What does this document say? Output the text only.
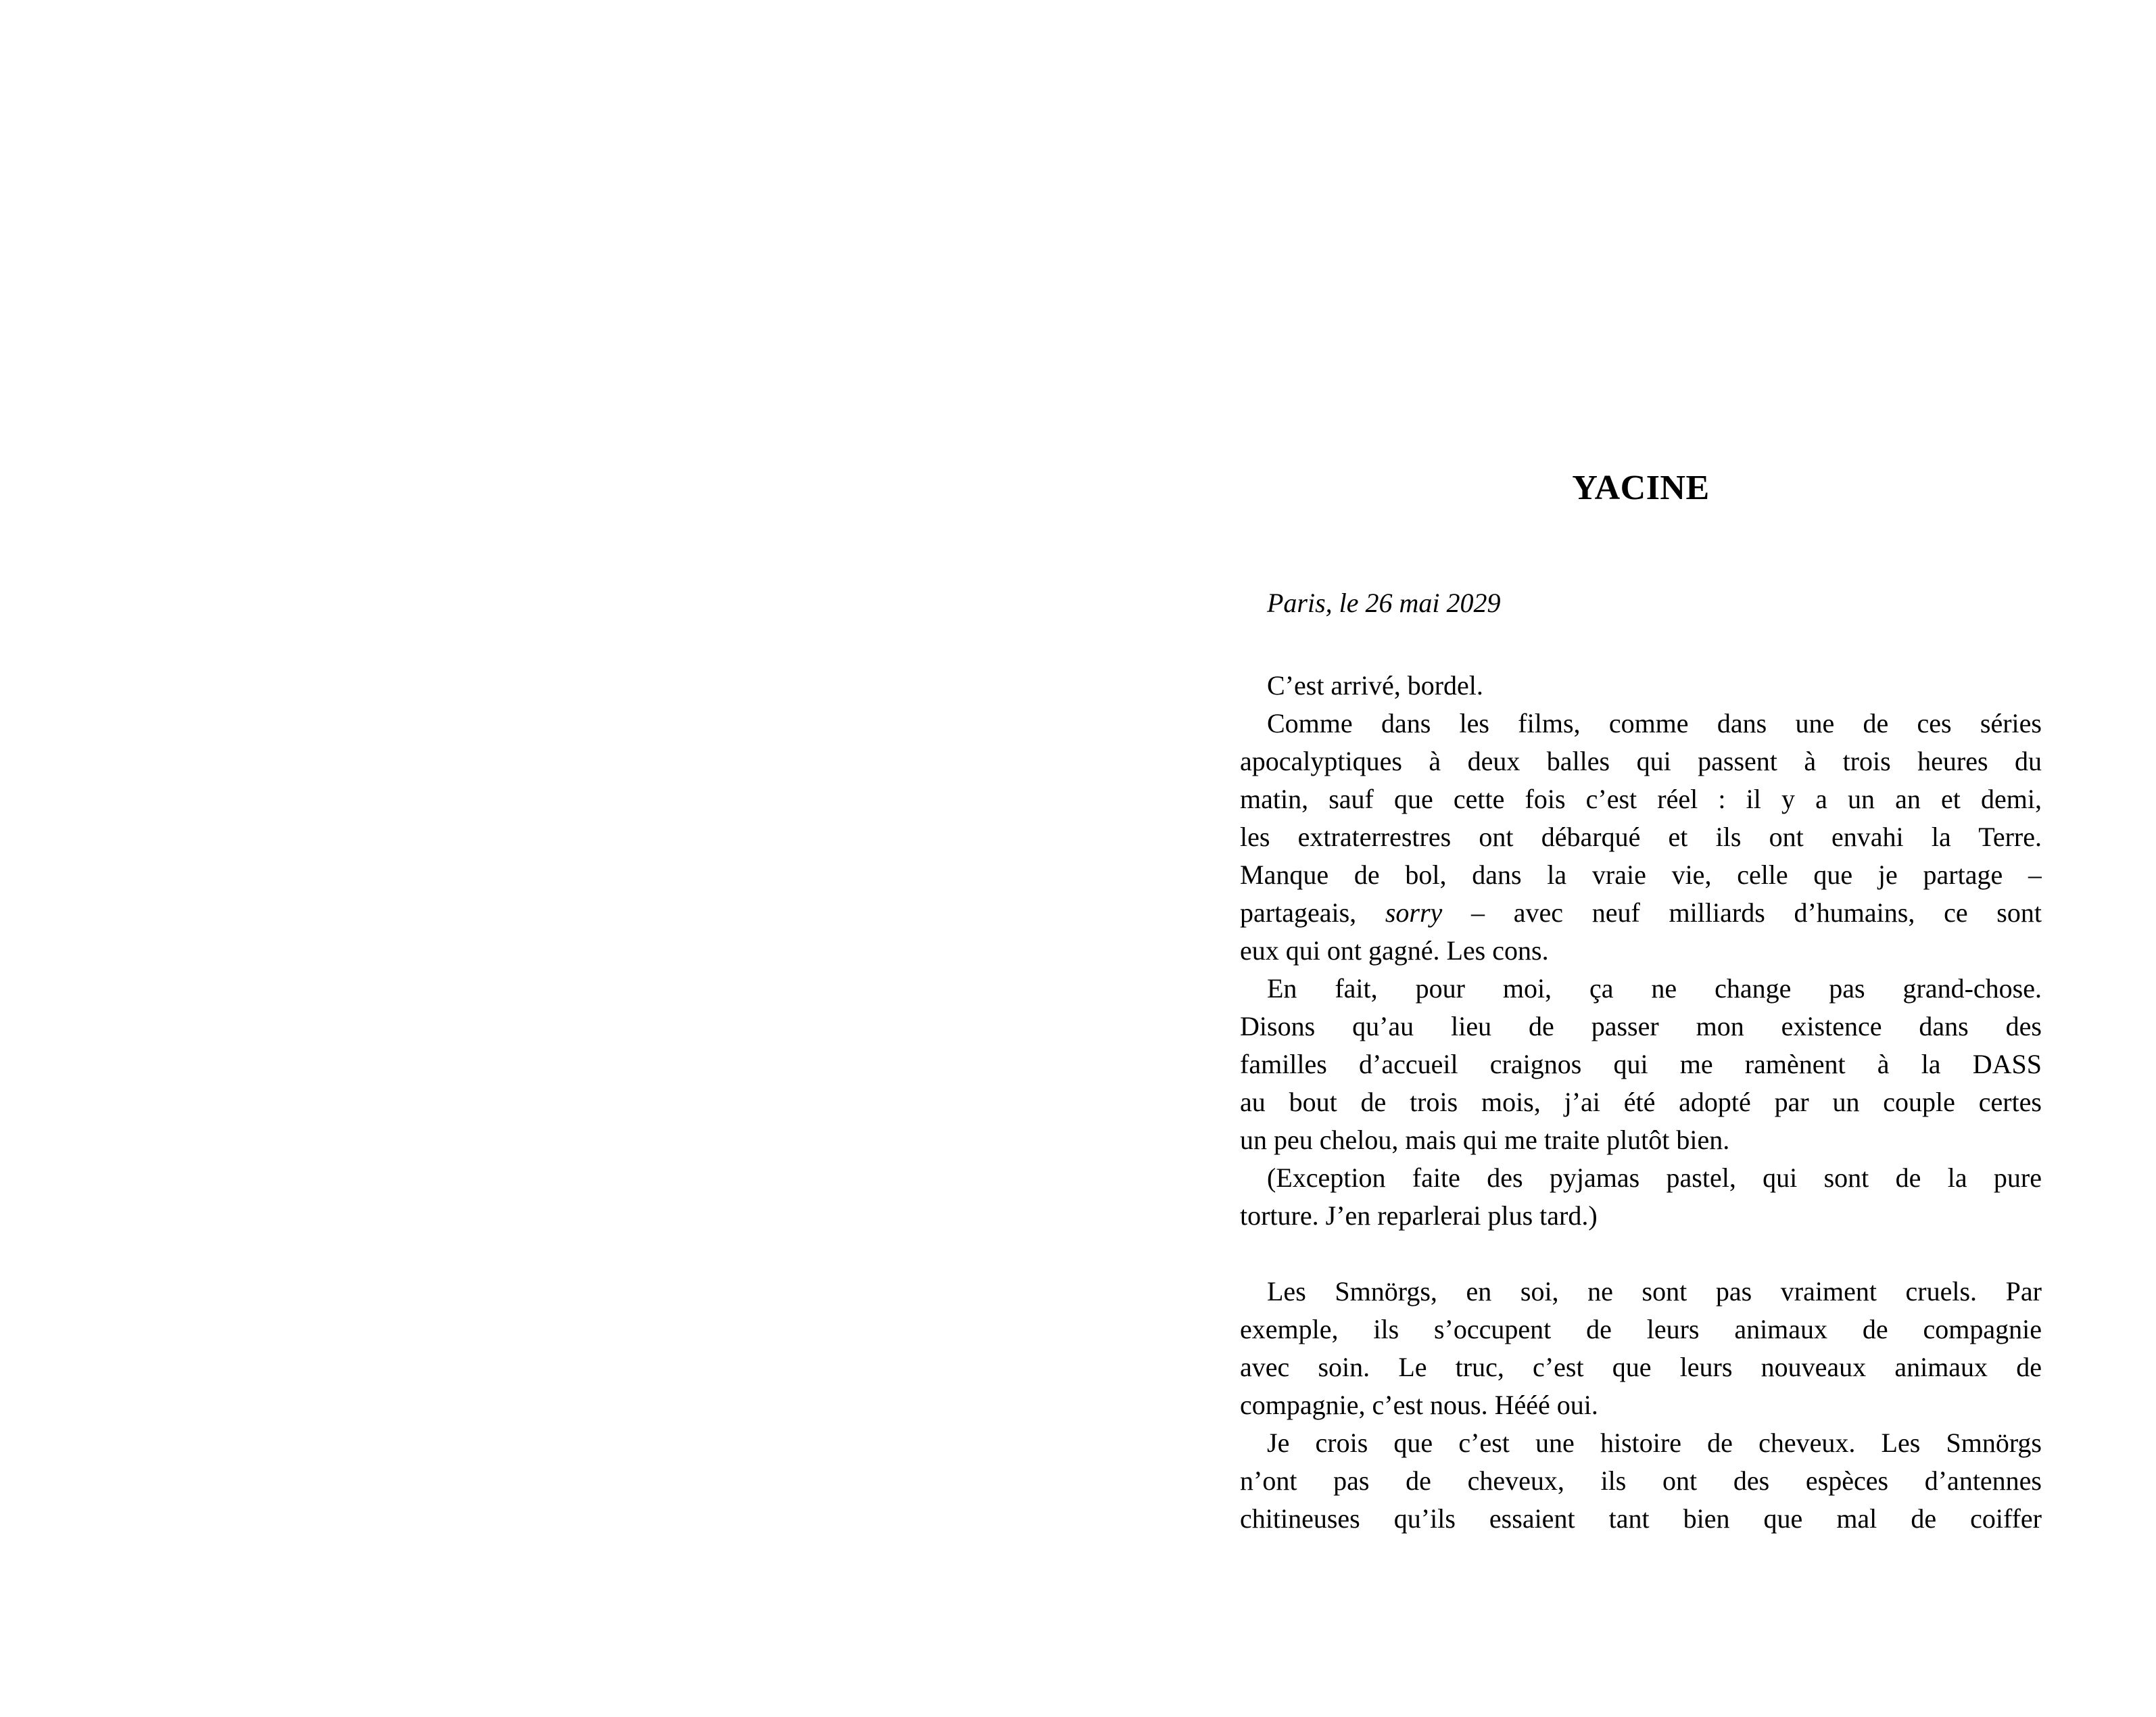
YACINE
Paris, le 26 mai 2029
C’est arrivé, bordel.
Comme dans les films, comme dans une de ces séries
apocalyptiques à deux balles qui passent à trois heures du
matin, sauf que cette fois c’est réel : il y a un an et demi,
les extraterrestres ont débarqué et ils ont envahi la Terre.
Manque de bol, dans la vraie vie, celle que je partage –
partageais, sorry – avec neuf milliards d’humains, ce sont
eux qui ont gagné. Les cons.
En fait, pour moi, ça ne change pas grand-chose.
Disons qu’au lieu de passer mon existence dans des
familles d’accueil craignos qui me ramènent à la DASS
au bout de trois mois, j’ai été adopté par un couple certes
un peu chelou, mais qui me traite plutôt bien.
(Exception faite des pyjamas pastel, qui sont de la pure
torture. J’en reparlerai plus tard.)
Les Smnörgs, en soi, ne sont pas vraiment cruels. Par
exemple, ils s’occupent de leurs animaux de compagnie
avec soin. Le truc, c’est que leurs nouveaux animaux de
compagnie, c’est nous. Hééé oui.
Je crois que c’est une histoire de cheveux. Les Smnörgs
n’ont pas de cheveux, ils ont des espèces d’antennes
chitineuses qu’ils essaient tant bien que mal de coiffer
